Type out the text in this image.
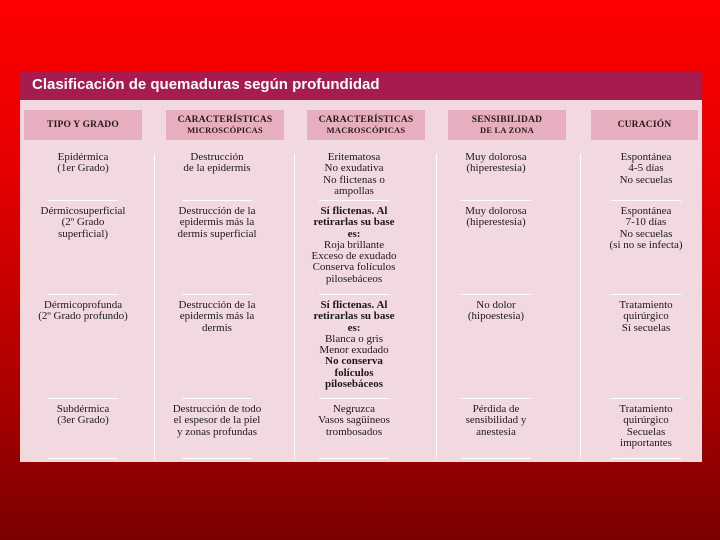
Clasificación de quemaduras según profundidad
TIPO Y GRADO	CARACTERÍSTICAS
MICROSCÓPICAS
CARACTERÍSTICAS
MACROSCÓPICAS
SENSIBILIDAD
DE LA ZONA	CURACIÓN
Epidérmica
(1er Grado)
Destrucción
de la epidermis
Eritematosa
No exudativa
No flictenas o
ampollas
Muy dolorosa
(hiperestesia)
Espontánea
4-5 días
No secuelas
Dérmicosuperficial
(2º Grado
superficial)
Destrucción de la
epidermis más la
dermis superficial
Sí flictenas. Al
retirarlas su base
es:
Roja brillante
Exceso de exudado
Conserva folículos
pilosebáceos
Muy dolorosa
(hiperestesia)
Espontánea
7-10 días
No secuelas
(si no se infecta)
Dérmicoprofunda
(2º Grado profundo)
Destrucción de la
epidermis más la
dermis
Sí flictenas. Al
retirarlas su base
es:
Blanca o gris
Menor exudado
No conserva
folículos
pilosebáceos
No dolor
(hipoestesia)
Tratamiento
quirúrgico
Sí secuelas
Subdérmica
(3er Grado)
Destrucción de todo
el espesor de la piel
y zonas profundas
Negruzca
Vasos sagüíneos
trombosados
Pérdida de
sensibilidad y
anestesia
Tratamiento
quirúrgico
Secuelas
importantes
